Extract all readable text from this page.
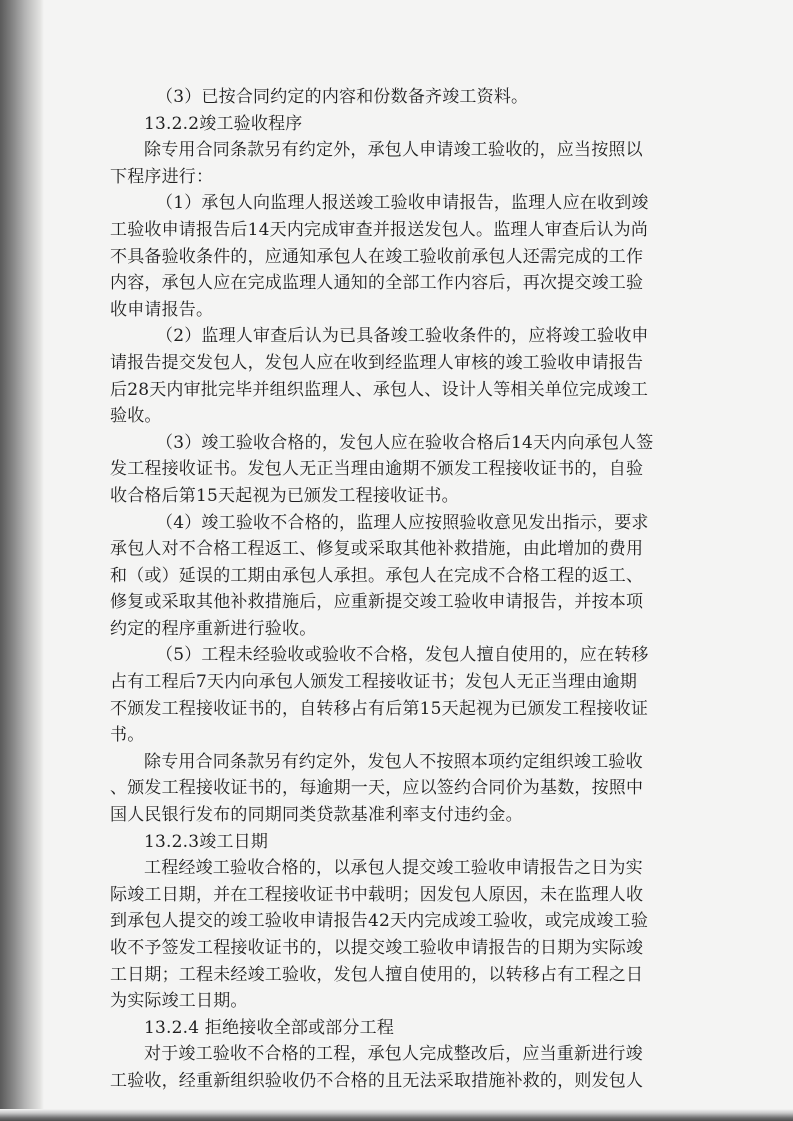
（3）已按合同约定的内容和份数备齐竣工资料。
13.2.2竣工验收程序
除专用合同条款另有约定外，承包人申请竣工验收的，应当按照以
下程序进行：
（1）承包人向监理人报送竣工验收申请报告，监理人应在收到竣
工验收申请报告后14天内完成审查并报送发包人。监理人审查后认为尚
不具备验收条件的，应通知承包人在竣工验收前承包人还需完成的工作
内容，承包人应在完成监理人通知的全部工作内容后，再次提交竣工验
收申请报告。
（2）监理人审查后认为已具备竣工验收条件的，应将竣工验收申
请报告提交发包人，发包人应在收到经监理人审核的竣工验收申请报告
后28天内审批完毕并组织监理人、承包人、设计人等相关单位完成竣工
验收。
（3）竣工验收合格的，发包人应在验收合格后14天内向承包人签
发工程接收证书。发包人无正当理由逾期不颁发工程接收证书的，自验
收合格后第15天起视为已颁发工程接收证书。
（4）竣工验收不合格的，监理人应按照验收意见发出指示，要求
承包人对不合格工程返工、修复或采取其他补救措施，由此增加的费用
和（或）延误的工期由承包人承担。承包人在完成不合格工程的返工、
修复或采取其他补救措施后，应重新提交竣工验收申请报告，并按本项
约定的程序重新进行验收。
（5）工程未经验收或验收不合格，发包人擅自使用的，应在转移
占有工程后7天内向承包人颁发工程接收证书；发包人无正当理由逾期
不颁发工程接收证书的，自转移占有后第15天起视为已颁发工程接收证
书。
除专用合同条款另有约定外，发包人不按照本项约定组织竣工验收
、颁发工程接收证书的，每逾期一天，应以签约合同价为基数，按照中
国人民银行发布的同期同类贷款基准利率支付违约金。
13.2.3竣工日期
工程经竣工验收合格的，以承包人提交竣工验收申请报告之日为实
际竣工日期，并在工程接收证书中载明；因发包人原因，未在监理人收
到承包人提交的竣工验收申请报告42天内完成竣工验收，或完成竣工验
收不予签发工程接收证书的，以提交竣工验收申请报告的日期为实际竣
工日期；工程未经竣工验收，发包人擅自使用的，以转移占有工程之日
为实际竣工日期。
13.2.4 拒绝接收全部或部分工程
对于竣工验收不合格的工程，承包人完成整改后，应当重新进行竣
工验收，经重新组织验收仍不合格的且无法采取措施补救的，则发包人
